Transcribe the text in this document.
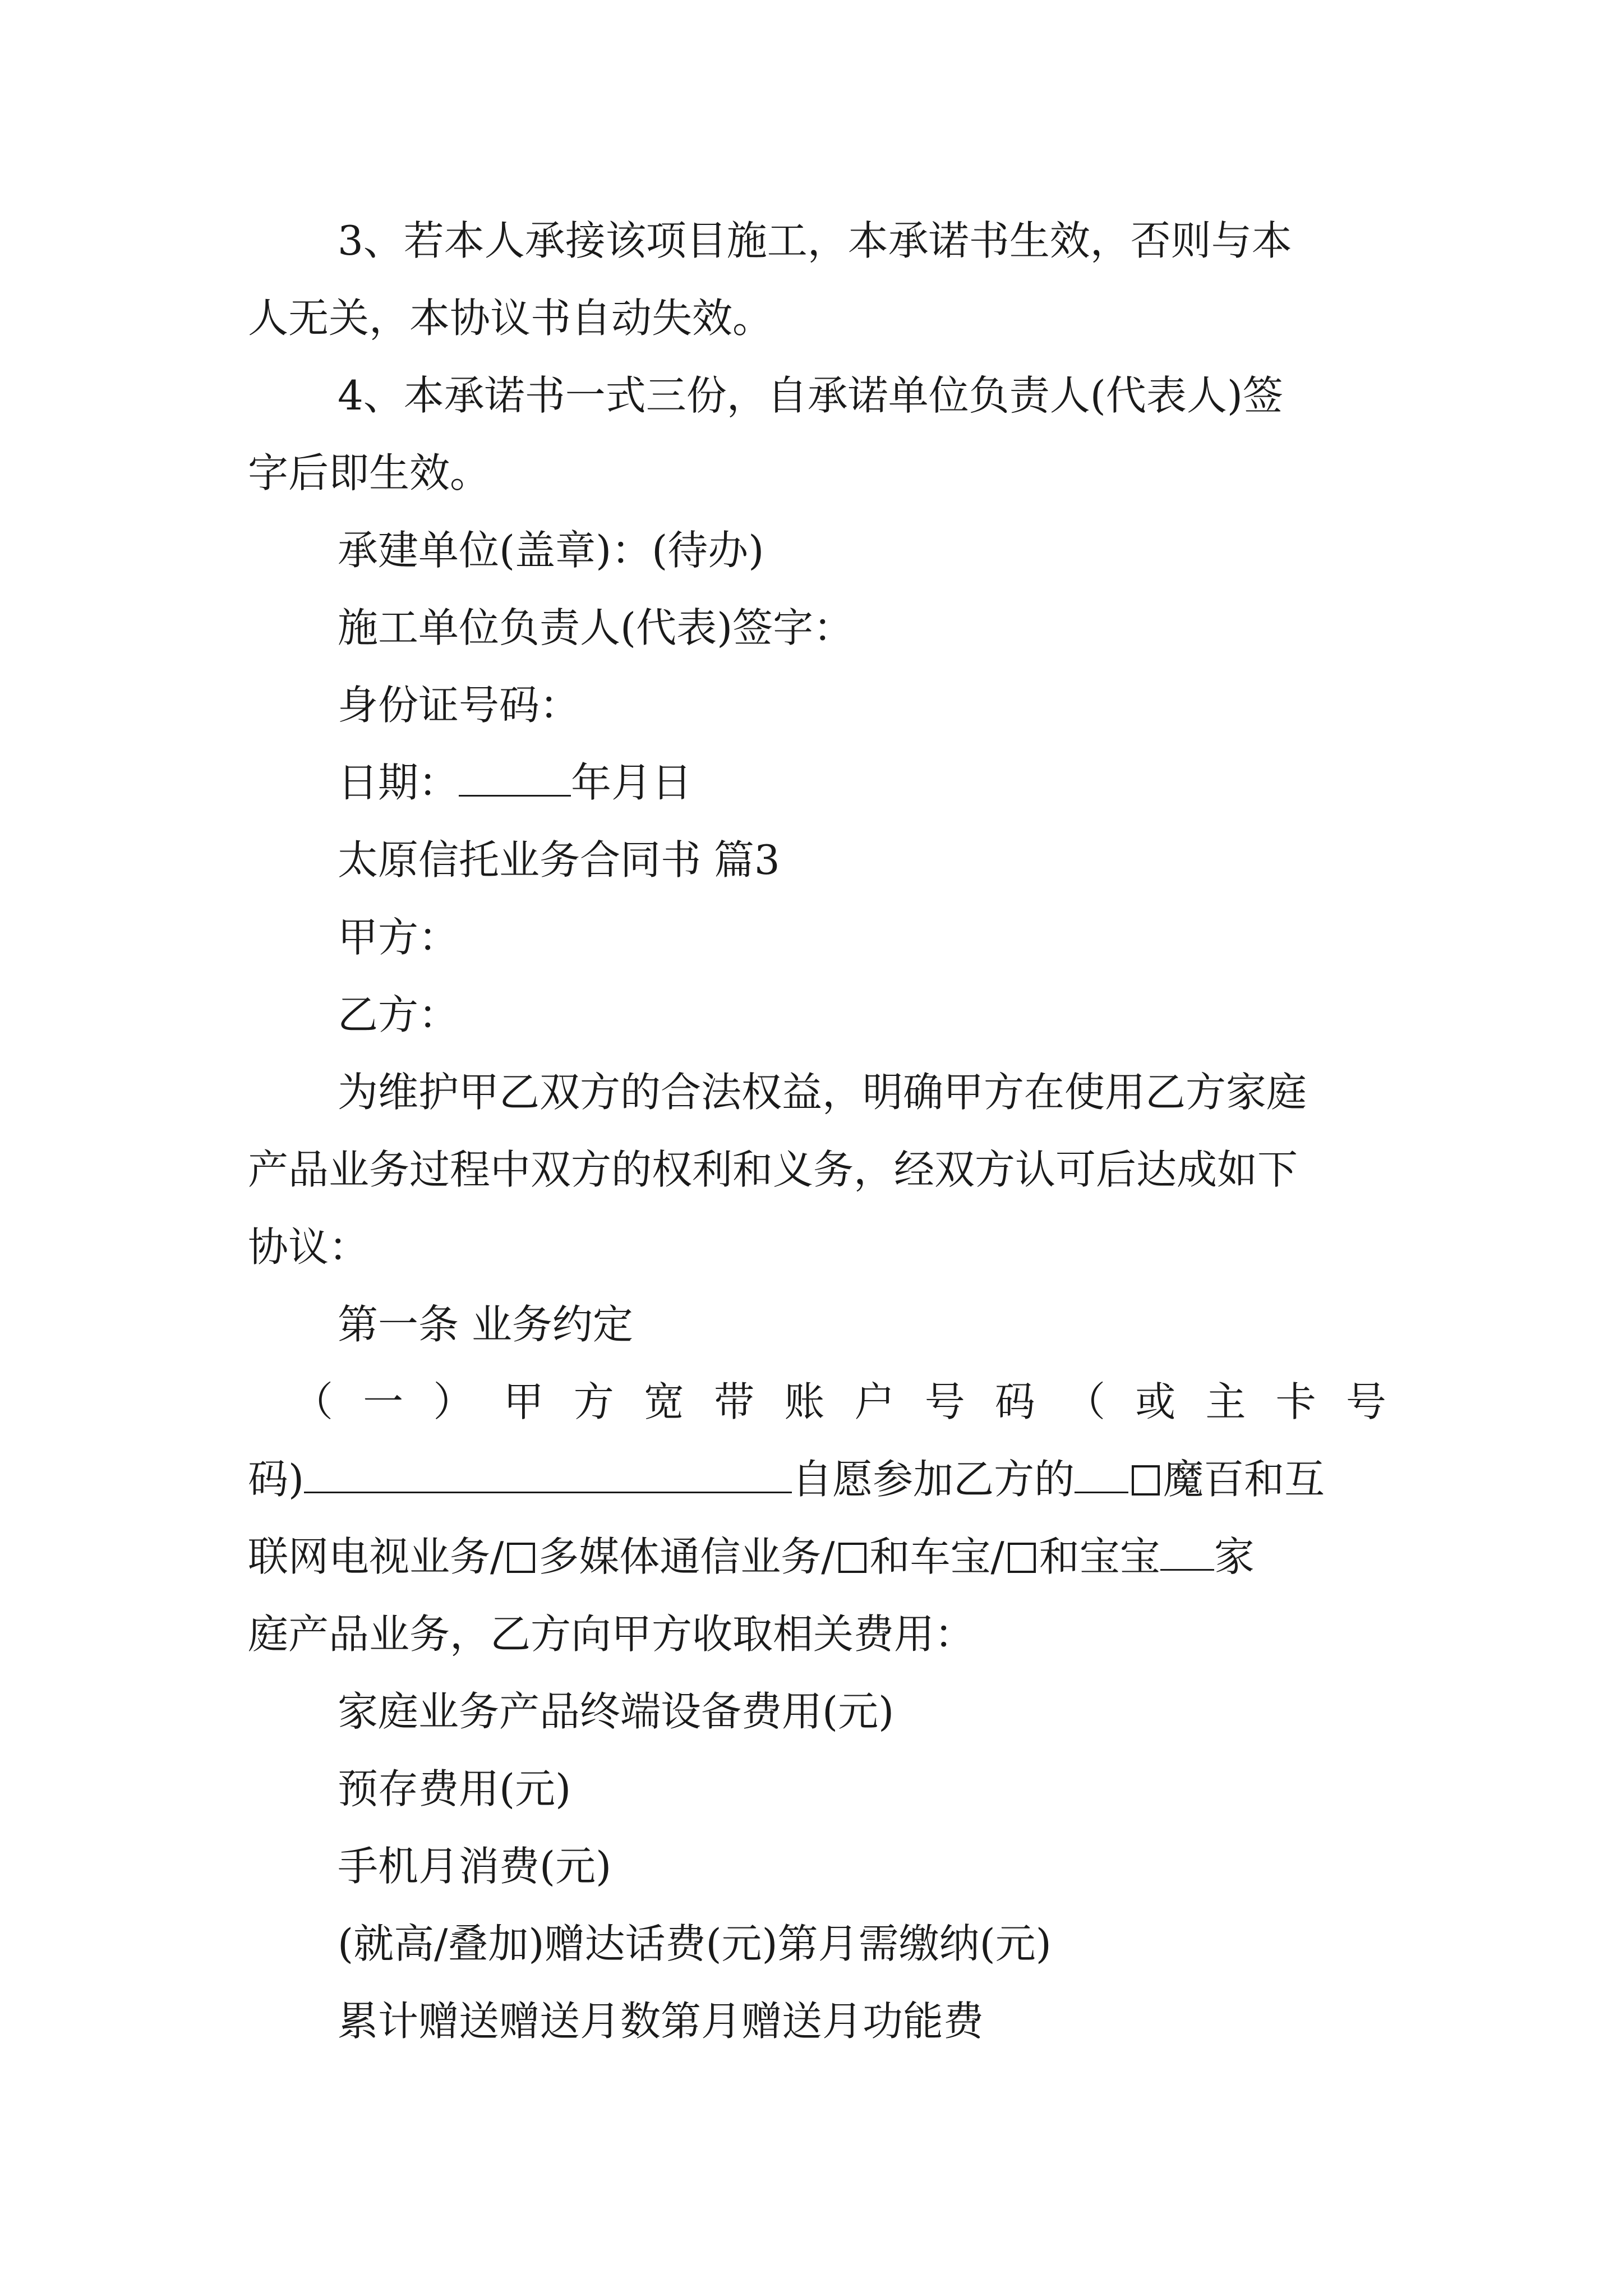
3、若本人承接该项目施工，本承诺书生效，否则与本
人无关，本协议书自动失效。
4、本承诺书一式三份，自承诺单位负责人(代表人)签
字后即生效。
承建单位(盖章)：(待办)
施工单位负责人(代表)签字：
身份证号码：
日期：	年月日
太原信托业务合同书 篇3
甲方：
乙方：
为维护甲乙双方的合法权益，明确甲方在使用乙方家庭
产品业务过程中双方的权利和义务，经双方认可后达成如下
协议：
第一条 业务约定
（ 一 ） 甲 方 宽 带 账 户 号 码 （ 或 主 卡 号
码)	自愿参加乙方的 魔百和互
联网电视业务/ 多媒体通信业务/ 和车宝/ 和宝宝 家
庭产品业务，乙方向甲方收取相关费用：
家庭业务产品终端设备费用(元)
预存费用(元)
手机月消费(元)
(就高/叠加)赠达话费(元)第月需缴纳(元)
累计赠送赠送月数第月赠送月功能费
